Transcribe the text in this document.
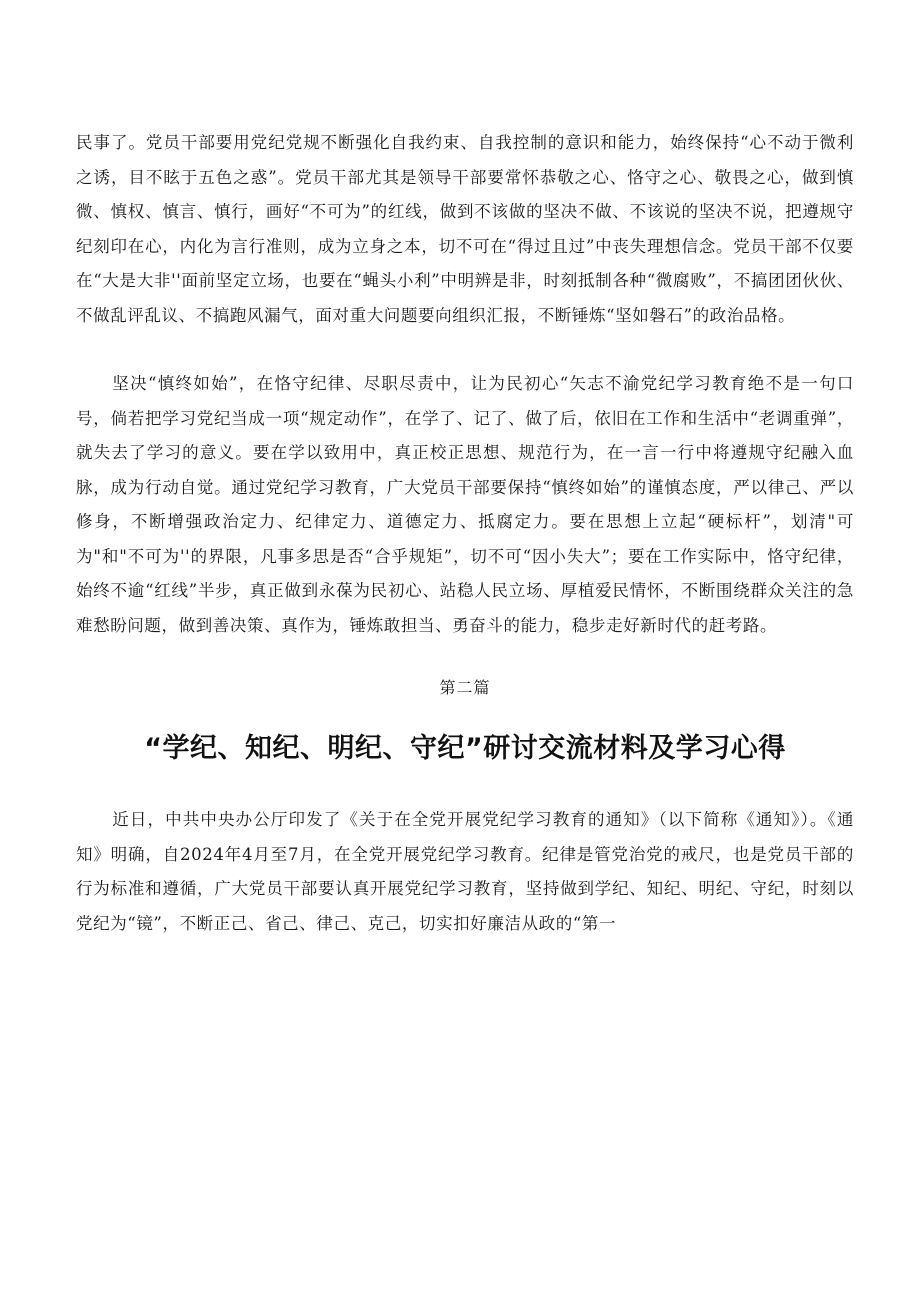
民事了。党员干部要用党纪党规不断强化自我约束、自我控制的意识和能力，始终保持“心不动于微利之诱，目不眩于五色之惑”。党员干部尤其是领导干部要常怀恭敬之心、恪守之心、敬畏之心，做到慎微、慎权、慎言、慎行，画好“不可为”的红线，做到不该做的坚决不做、不该说的坚决不说，把遵规守纪刻印在心，内化为言行准则，成为立身之本，切不可在“得过且过”中丧失理想信念。党员干部不仅要在“大是大非''面前坚定立场，也要在“蝇头小利”中明辨是非，时刻抵制各种“微腐败”，不搞团团伙伙、不做乱评乱议、不搞跑风漏气，面对重大问题要向组织汇报，不断锤炼“坚如磐石”的政治品格。

坚决“慎终如始”，在恪守纪律、尽职尽责中，让为民初心“矢志不渝党纪学习教育绝不是一句口号，倘若把学习党纪当成一项“规定动作”，在学了、记了、做了后，依旧在工作和生活中“老调重弹”，就失去了学习的意义。要在学以致用中，真正校正思想、规范行为，在一言一行中将遵规守纪融入血脉，成为行动自觉。通过党纪学习教育，广大党员干部要保持“慎终如始”的谨慎态度，严以律己、严以修身，不断增强政治定力、纪律定力、道德定力、抵腐定力。要在思想上立起“硬标杆”，划清"可为"和"不可为''的界限，凡事多思是否“合乎规矩”，切不可“因小失大”；要在工作实际中，恪守纪律，始终不逾“红线”半步，真正做到永葆为民初心、站稳人民立场、厚植爱民情怀，不断围绕群众关注的急难愁盼问题，做到善决策、真作为，锤炼敢担当、勇奋斗的能力，稳步走好新时代的赶考路。

第二篇
“学纪、知纪、明纪、守纪”研讨交流材料及学习心得

近日，中共中央办公厅印发了《关于在全党开展党纪学习教育的通知》（以下简称《通知》）。《通知》明确，自2024年4月至7月，在全党开展党纪学习教育。纪律是管党治党的戒尺，也是党员干部的行为标准和遵循，广大党员干部要认真开展党纪学习教育，坚持做到学纪、知纪、明纪、守纪，时刻以党纪为“镜”，不断正己、省己、律己、克己，切实扣好廉洁从政的“第一
